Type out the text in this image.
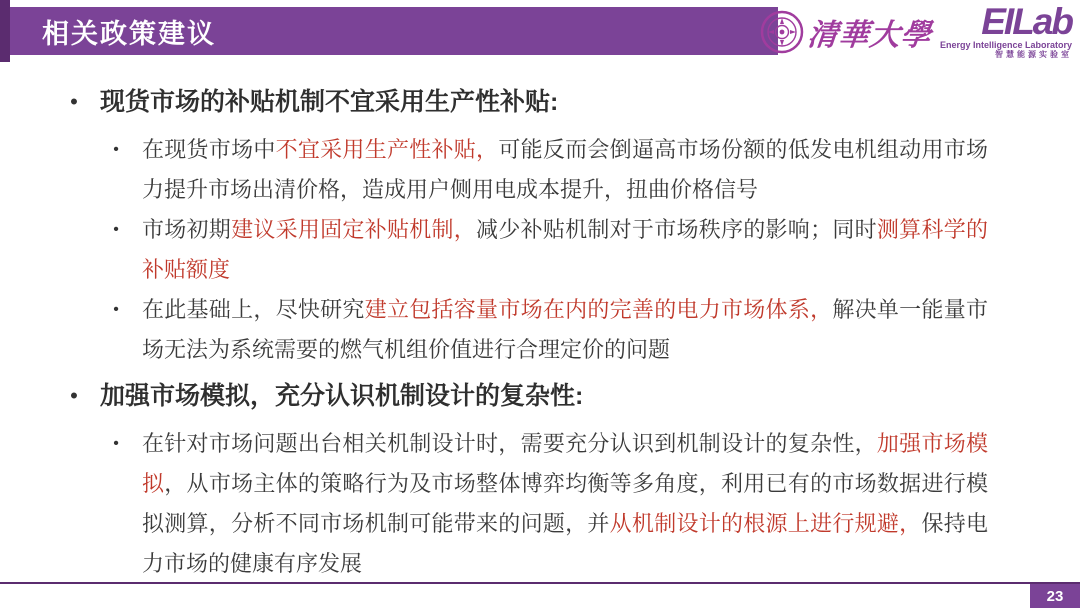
相关政策建议	清華大學 EILab
Energy Intelligence Laboratory
智慧能源实验室
• 现货市场的补贴机制不宜采用生产性补贴:
•	在现货市场中不宜采用生产性补贴，可能反而会倒逼高市场份额的低发电机组动用市场力提升市场出清价格，造成用户侧用电成本提升，扭曲价格信号
•	市场初期建议采用固定补贴机制，减少补贴机制对于市场秩序的影响；同时测算科学的补贴额度
•	在此基础上，尽快研究建立包括容量市场在内的完善的电力市场体系，解决单一能量市场无法为系统需要的燃气机组价值进行合理定价的问题
• 加强市场模拟，充分认识机制设计的复杂性:
•	在针对市场问题出台相关机制设计时，需要充分认识到机制设计的复杂性，加强市场模拟，从市场主体的策略行为及市场整体博弈均衡等多角度，利用已有的市场数据进行模拟测算，分析不同市场机制可能带来的问题，并从机制设计的根源上进行规避，保持电力市场的健康有序发展
23
